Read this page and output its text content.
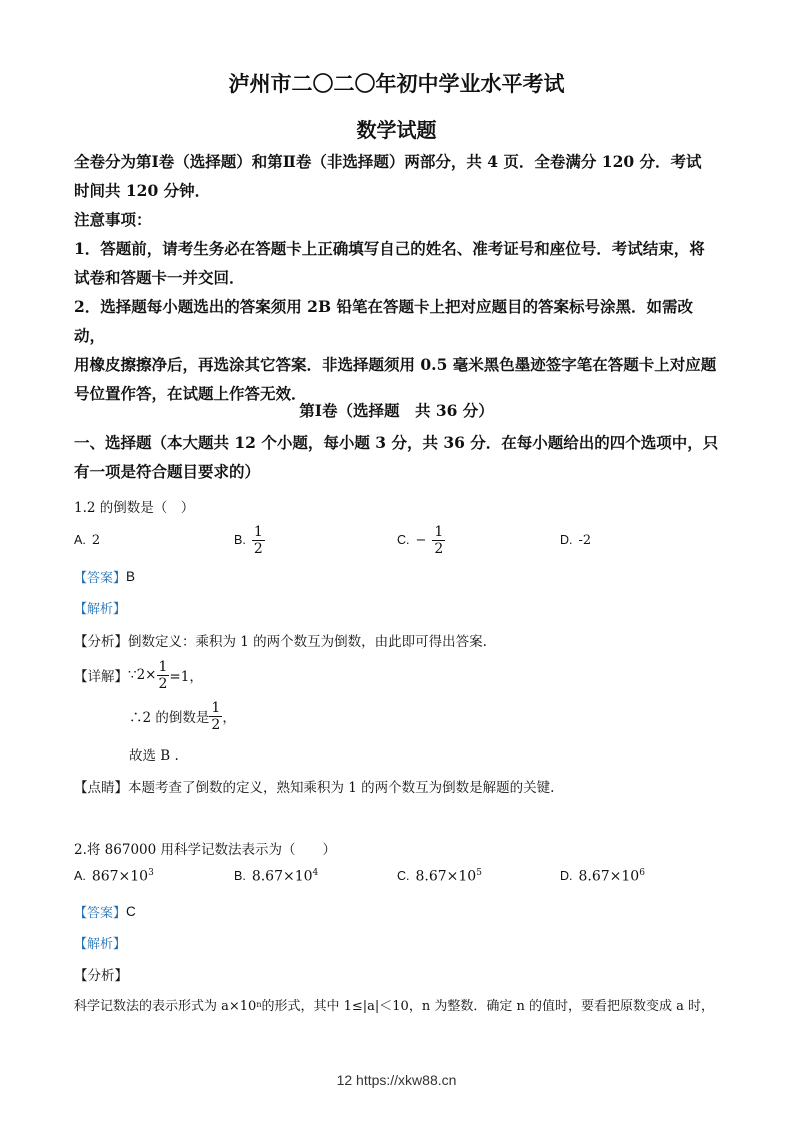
泸州市二〇二〇年初中学业水平考试
数学试题
全卷分为第Ⅰ卷（选择题）和第Ⅱ卷（非选择题）两部分，共 4 页．全卷满分 120 分．考试
时间共 120 分钟．
注意事项：
1．答题前，请考生务必在答题卡上正确填写自己的姓名、准考证号和座位号．考试结束，将
试卷和答题卡一并交回．
2．选择题每小题选出的答案须用 2B 铅笔在答题卡上把对应题目的答案标号涂黑．如需改动，
用橡皮擦擦净后，再选涂其它答案．非选择题须用 0.5 毫米黑色墨迹签字笔在答题卡上对应题
号位置作答，在试题上作答无效．
第Ⅰ卷（选择题　共 36 分）
一、选择题（本大题共 12 个小题，每小题 3 分，共 36 分．在每小题给出的四个选项中，只
有一项是符合题目要求的）
1.2 的倒数是（　）
A. 2	B. $\frac{1}{2}$	C. − $\frac{1}{2}$	D. -2
【答案】 B
【解析】
【分析】 倒数定义：乘积为 1 的两个数互为倒数，由此即可得出答案.
【详解】 ∵2× $\frac{1}{2} =1$，
∴2 的倒数是 $\frac{1}{2}$ ，
故选 B .
【点睛】 本题考查了倒数的定义，熟知乘积为 1 的两个数互为倒数是解题的关键.
2.将 867000 用科学记数法表示为（　　）
A. $867\times 10^3$	B. $8.67\times 10^4$	C. $8.67\times 10^5$	D. $8.67\times 10^6$
【答案】 C
【解析】
【分析】
科学记数法的表示形式为 a×10 n 的形式，其中 1≤|a|＜10，n 为整数．确定 n 的值时，要看把原数变成 a 时，
12 https://xkw88.cn
